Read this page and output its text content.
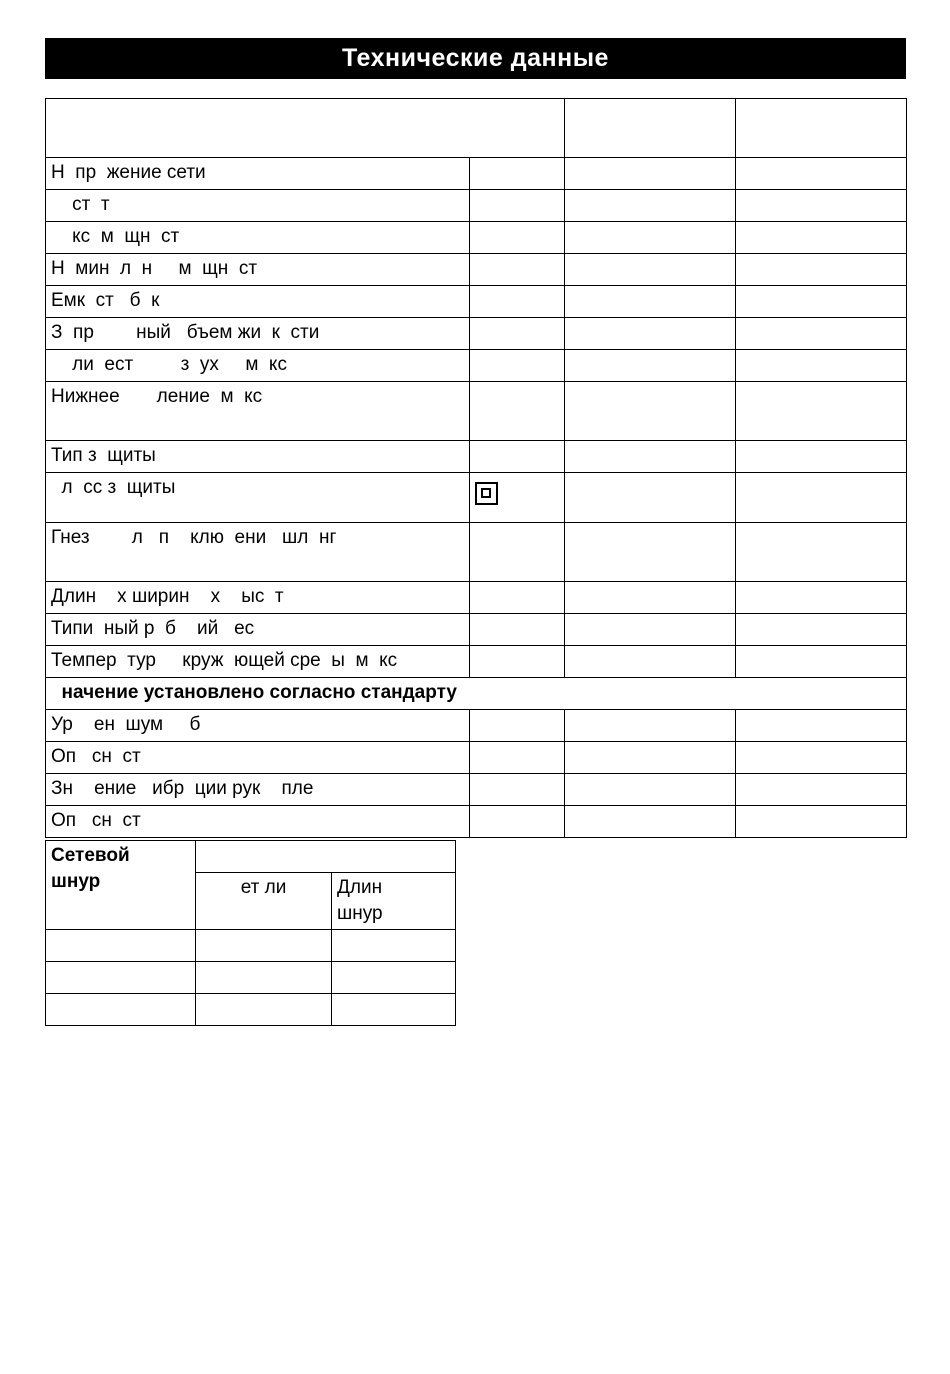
Технические данные

Н  пр  жение сети			
ст  т			
кс  м  щн  ст			
Н  мин  л  н     м  щн  ст			
Емк  ст   б  к			
З  пр        ный   бъем жи  к  сти			
ли  ест         з  ух     м  кс			
Нижнее       ление  м  кс			
Тип з  щиты			
л  сс з  щиты			
Гнез        л   п    клю  ени   шл  нг			
Длин    х ширин    х    ыс  т			
Типи  ный р  б    ий   ес			
Темпер  тур     круж  ющей сре  ы  м  кс			
начение установлено согласно стандарту			
Ур    ен  шум     б			
Оп   сн  ст			
Зн    ение   ибр  ции рук    пле			
Оп   сн  ст			
Сетевой
шнур		
	ет ли	Длин
шнур
